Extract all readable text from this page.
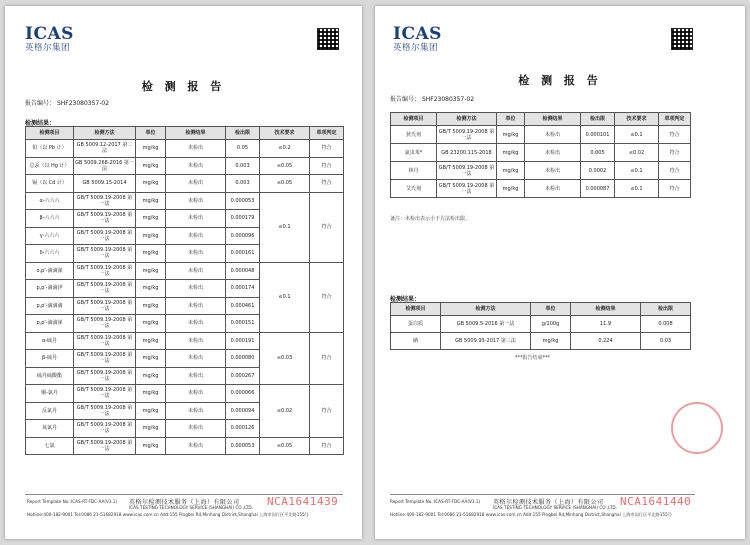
ICAS
英格尔集团
检 测 报 告
报告编号： SHF23080357-02
检测结果：
检测项目	检测方法	单位	检测结果	检出限	技术要求	单项判定
铅（以 Pb 计）	GB 5009.12-2017 第二法	mg/kg	未检出	0.05	≤0.2	符合
总汞（以 Hg 计）	GB 5009.268-2016 第一法	mg/kg	未检出	0.003	≤0.05	符合
镉（以 Cd 计）	GB 5009.15-2014	mg/kg	未检出	0.003	≤0.05	符合
α-六六六	GB/T 5009.19-2008 第一法	mg/kg	未检出	0.000053	≤0.1	符合
β-六六六	GB/T 5009.19-2008 第一法	mg/kg	未检出	0.000179		
γ-六六六	GB/T 5009.19-2008 第一法	mg/kg	未检出	0.000096		
δ-六六六	GB/T 5009.19-2008 第一法	mg/kg	未检出	0.000161		
o,p'-滴滴涕	GB/T 5009.19-2008 第一法	mg/kg	未检出	0.000048	≤0.1	符合
p,p'-滴滴伊	GB/T 5009.19-2008 第一法	mg/kg	未检出	0.000174		
p,p'-滴滴滴	GB/T 5009.19-2008 第一法	mg/kg	未检出	0.000461		
p,p'-滴滴涕	GB/T 5009.19-2008 第一法	mg/kg	未检出	0.000151		
α-硫丹	GB/T 5009.19-2008 第一法	mg/kg	未检出	0.000191	≤0.03	符合
β-硫丹	GB/T 5009.19-2008 第一法	mg/kg	未检出	0.000080		
硫丹硫酸酯	GB/T 5009.19-2008 第一法	mg/kg	未检出	0.000267		
顺-氯丹	GB/T 5009.19-2008 第一法	mg/kg	未检出	0.000066	≤0.02	符合
反氯丹	GB/T 5009.19-2008 第一法	mg/kg	未检出	0.000094		
氧氯丹	GB/T 5009.19-2008 第一法	mg/kg	未检出	0.000126		
七氯	GB/T 5009.19-2008 第一法	mg/kg	未检出	0.000053	≤0.05	符合
英格尔检测技术服务（上海）有限公司
Report Template No.:ICAS-RT-FDC-AA(V3.1)
ICAS TESTING TECHNOLOGY SERVICE (SHANGHAI) CO.,LTD.
Hotline:400-182-9001 Tel:0086 21-51682918 www.icas.com.cn Add:155 Pingbei Rd,Minhang District,Shanghai 上海市闵行区平北路155号
NCA1641439
ICAS
英格尔集团
检 测 报 告
报告编号： SHF23080357-02
检测项目	检测方法	单位	检测结果	检出限	技术要求	单项判定
狄氏剂	GB/T 5009.19-2008 第一法	mg/kg	未检出	0.000101	≤0.1	符合
氯虫苯*	GB 23200.115-2018	mg/kg	未检出	0.005	≤0.02	符合
林丹	GB/T 5009.19-2008 第一法	mg/kg	未检出	0.0002	≤0.1	符合
艾氏剂	GB/T 5009.19-2008 第一法	mg/kg	未检出	0.000087	≤0.1	符合
备注：未检出表示小于方法检出限。
检测结果：
检测项目	检测方法	单位	检测结果	检出限
蛋白质	GB 5009.5-2016 第一法	g/100g	11.9	0.008
硒	GB 5009.93-2017 第三法	mg/kg	0.224	0.03
***报告结束***
英格尔检测技术服务（上海）有限公司
Report Template No.:ICAS-RT-FDC-AA(V3.1)
ICAS TESTING TECHNOLOGY SERVICE (SHANGHAI) CO.,LTD.
Hotline:400-182-9001 Tel:0086 21-51682918 www.icas.com.cn Add:155 Pingbei Rd,Minhang District,Shanghai 上海市闵行区平北路155号
NCA1641440
